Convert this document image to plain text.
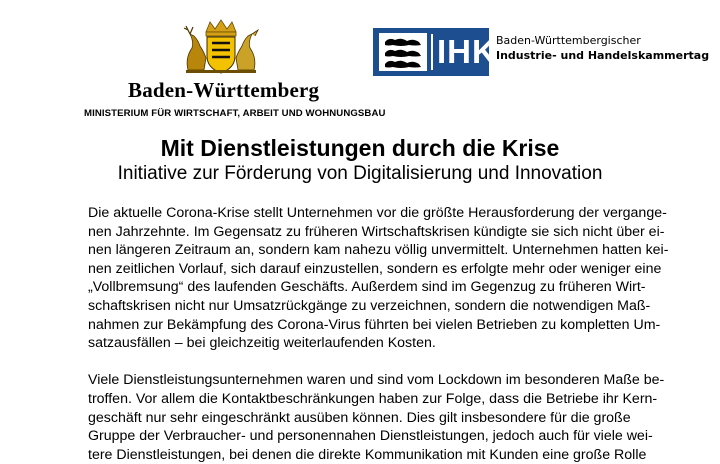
Baden-Württemberg
MINISTERIUM FÜR WIRTSCHAFT, ARBEIT UND WOHNUNGSBAU
IHK Baden-Württembergischer
Industrie- und Handelskammertag
Mit Dienstleistungen durch die Krise
Initiative zur Förderung von Digitalisierung und Innovation

Die aktuelle Corona-Krise stellt Unternehmen vor die größte Herausforderung der vergange-
nen Jahrzehnte. Im Gegensatz zu früheren Wirtschaftskrisen kündigte sie sich nicht über ei-
nen längeren Zeitraum an, sondern kam nahezu völlig unvermittelt. Unternehmen hatten kei-
nen zeitlichen Vorlauf, sich darauf einzustellen, sondern es erfolgte mehr oder weniger eine
„Vollbremsung“ des laufenden Geschäfts. Außerdem sind im Gegenzug zu früheren Wirt-
schaftskrisen nicht nur Umsatzrückgänge zu verzeichnen, sondern die notwendigen Maß-
nahmen zur Bekämpfung des Corona-Virus führten bei vielen Betrieben zu kompletten Um-
satzausfällen – bei gleichzeitig weiterlaufenden Kosten.

Viele Dienstleistungsunternehmen waren und sind vom Lockdown im besonderen Maße be-
troffen. Vor allem die Kontaktbeschränkungen haben zur Folge, dass die Betriebe ihr Kern-
geschäft nur sehr eingeschränkt ausüben können. Dies gilt insbesondere für die große
Gruppe der Verbraucher- und personennahen Dienstleistungen, jedoch auch für viele wei-
tere Dienstleistungen, bei denen die direkte Kommunikation mit Kunden eine große Rolle
